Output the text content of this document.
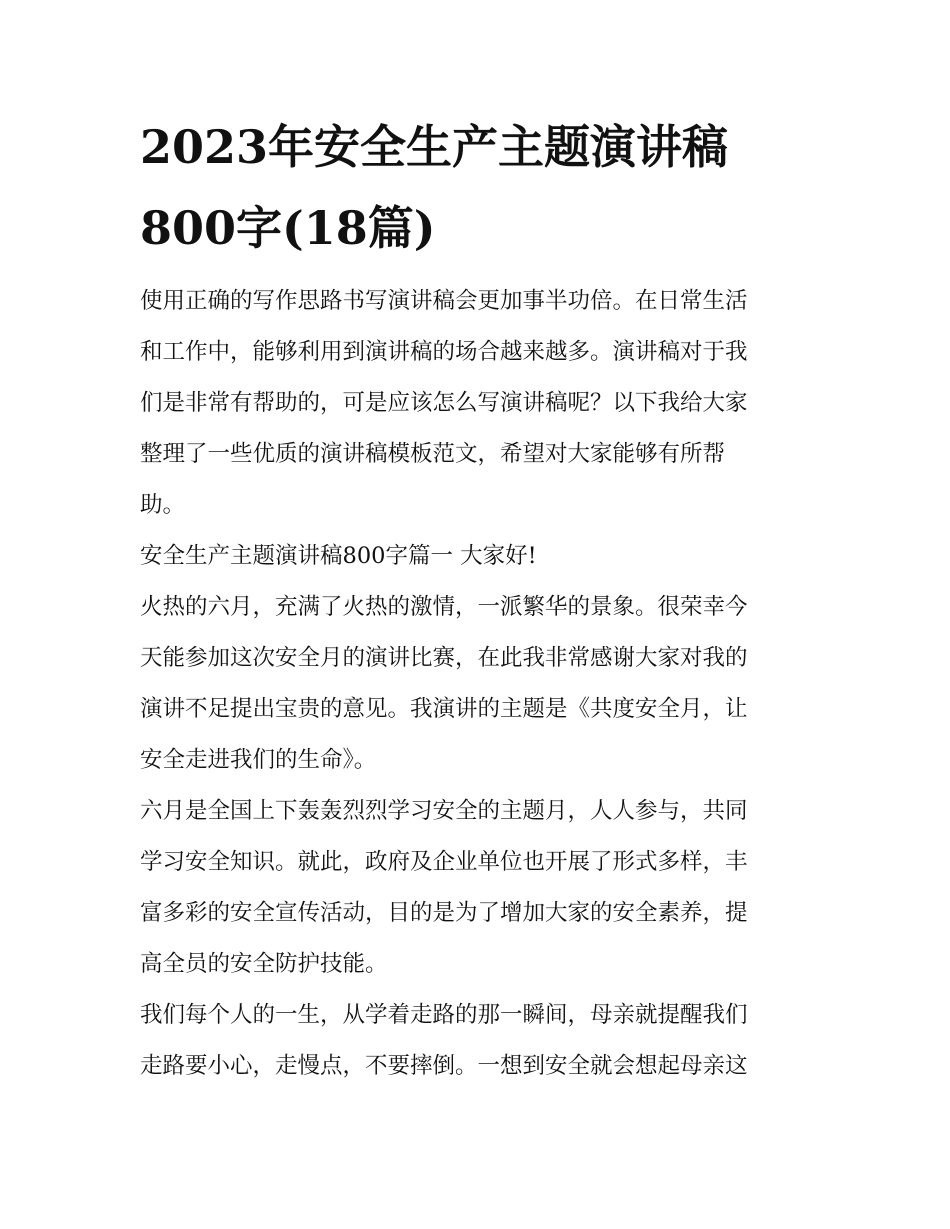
2023年安全生产主题演讲稿
800字(18篇)
使用正确的写作思路书写演讲稿会更加事半功倍。在日常生活
和工作中，能够利用到演讲稿的场合越来越多。演讲稿对于我
们是非常有帮助的，可是应该怎么写演讲稿呢？以下我给大家
整理了一些优质的演讲稿模板范文，希望对大家能够有所帮
助。
安全生产主题演讲稿800字篇一 大家好!
火热的六月，充满了火热的激情，一派繁华的景象。很荣幸今
天能参加这次安全月的演讲比赛，在此我非常感谢大家对我的
演讲不足提出宝贵的意见。我演讲的主题是《共度安全月，让
安全走进我们的生命》。
六月是全国上下轰轰烈烈学习安全的主题月，人人参与，共同
学习安全知识。就此，政府及企业单位也开展了形式多样，丰
富多彩的安全宣传活动，目的是为了增加大家的安全素养，提
高全员的安全防护技能。
我们每个人的一生，从学着走路的那一瞬间，母亲就提醒我们
走路要小心，走慢点，不要摔倒。一想到安全就会想起母亲这
